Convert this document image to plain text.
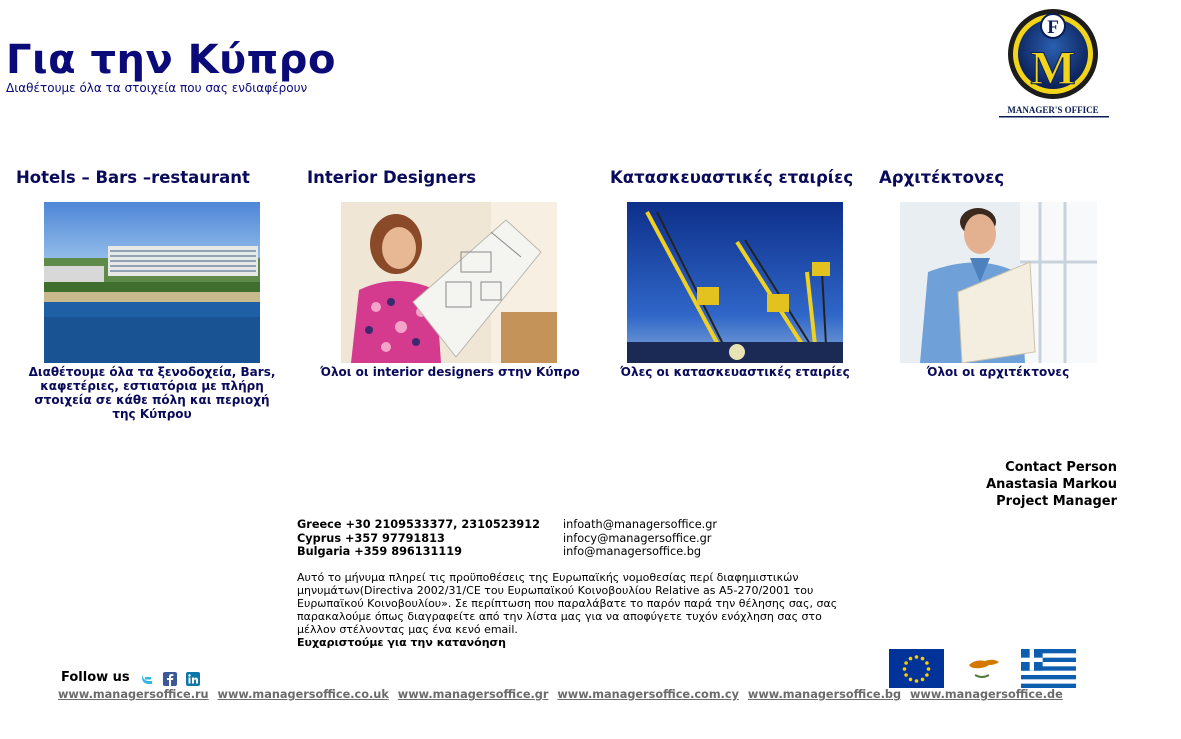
Για την Κύπρο
Διαθέτουμε όλα τα στοιχεία που σας ενδιαφέρουν
F
M
MANAGER'S OFFICE
Hotels – Bars –restaurant
Διαθέτουμε όλα τα ξενοδοχεία, Bars, καφετέριες, εστιατόρια με πλήρη στοιχεία σε κάθε πόλη και περιοχή της Κύπρου
Interior Designers
Όλοι οι interior designers στην Κύπρο
Κατασκευαστικές εταιρίες
Όλες οι κατασκευαστικές εταιρίες
Αρχιτέκτονες
Όλοι οι αρχιτέκτονες
Contact Person
Anastasia Markou
Project Manager
Greece +30 2109533377, 2310523912
Cyprus +357 97791813
Bulgaria +359 896131119
infoath@managersoffice.gr
infocy@managersoffice.gr
info@managersoffice.bg
Αυτό το μήνυμα πληρεί τις προϋποθέσεις της Ευρωπαϊκής νομοθεσίας περί διαφημιστικών μηνυμάτων(Directiva 2002/31/CE του Ευρωπαϊκού Κοινοβουλίου Relative as A5-270/2001 του Ευρωπαϊκού Κοινοβουλίου». Σε περίπτωση που παραλάβατε το παρόν παρά την θέλησης σας, σας παρακαλούμε όπως διαγραφείτε από την λίστα μας για να αποφύγετε τυχόν ενόχληση σας στο μέλλον στέλνοντας μας ένα κενό email.
Ευχαριστούμε για την κατανόηση
Follow us
www.managersoffice.ru www.managersoffice.co.uk www.managersoffice.gr www.managersoffice.com.cy www.managersoffice.bg www.managersoffice.de
